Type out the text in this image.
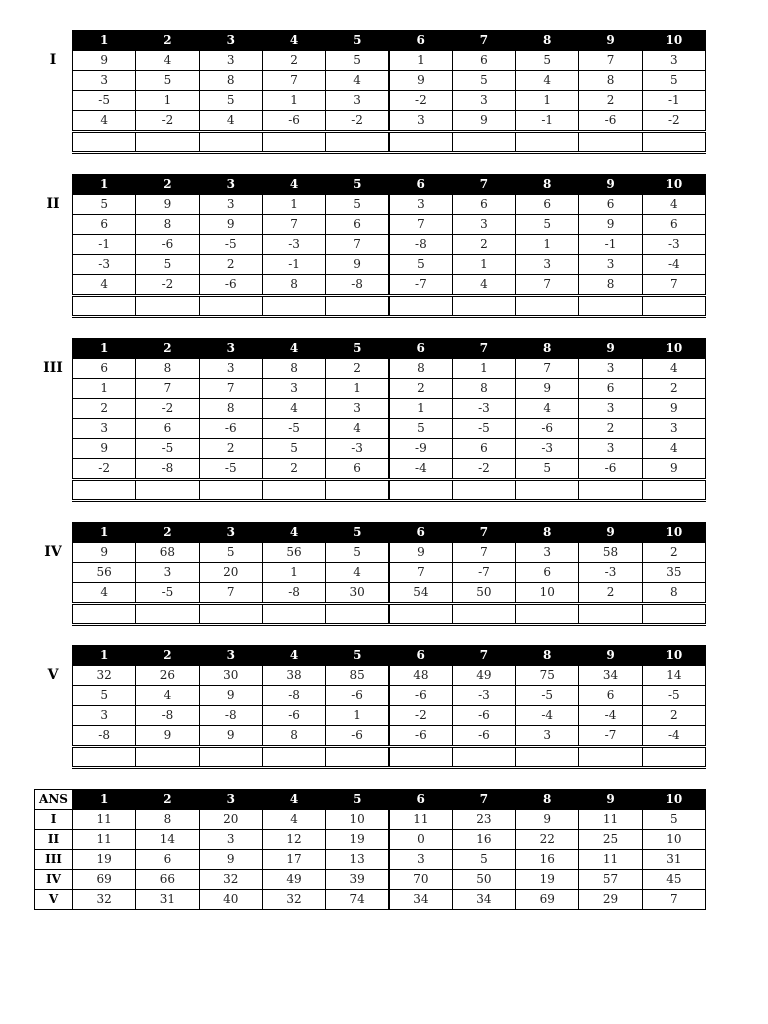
I
1	2	3	4	5	6	7	8	9	10
9	4	3	2	5	1	6	5	7	3
3	5	8	7	4	9	5	4	8	5
-5	1	5	1	3	-2	3	1	2	-1
4	-2	4	-6	-2	3	9	-1	-6	-2

II
1	2	3	4	5	6	7	8	9	10
5	9	3	1	5	3	6	6	6	4
6	8	9	7	6	7	3	5	9	6
-1	-6	-5	-3	7	-8	2	1	-1	-3
-3	5	2	-1	9	5	1	3	3	-4
4	-2	-6	8	-8	-7	4	7	8	7

III
1	2	3	4	5	6	7	8	9	10
6	8	3	8	2	8	1	7	3	4
1	7	7	3	1	2	8	9	6	2
2	-2	8	4	3	1	-3	4	3	9
3	6	-6	-5	4	5	-5	-6	2	3
9	-5	2	5	-3	-9	6	-3	3	4
-2	-8	-5	2	6	-4	-2	5	-6	9

IV
1	2	3	4	5	6	7	8	9	10
9	68	5	56	5	9	7	3	58	2
56	3	20	1	4	7	-7	6	-3	35
4	-5	7	-8	30	54	50	10	2	8

V
1	2	3	4	5	6	7	8	9	10
32	26	30	38	85	48	49	75	34	14
5	4	9	-8	-6	-6	-3	-5	6	-5
3	-8	-8	-6	1	-2	-6	-4	-4	2
-8	9	9	8	-6	-6	-6	3	-7	-4

ANS	1	2	3	4	5	6	7	8	9	10
I	11	8	20	4	10	11	23	9	11	5
II	11	14	3	12	19	0	16	22	25	10
III	19	6	9	17	13	3	5	16	11	31
IV	69	66	32	49	39	70	50	19	57	45
V	32	31	40	32	74	34	34	69	29	7
